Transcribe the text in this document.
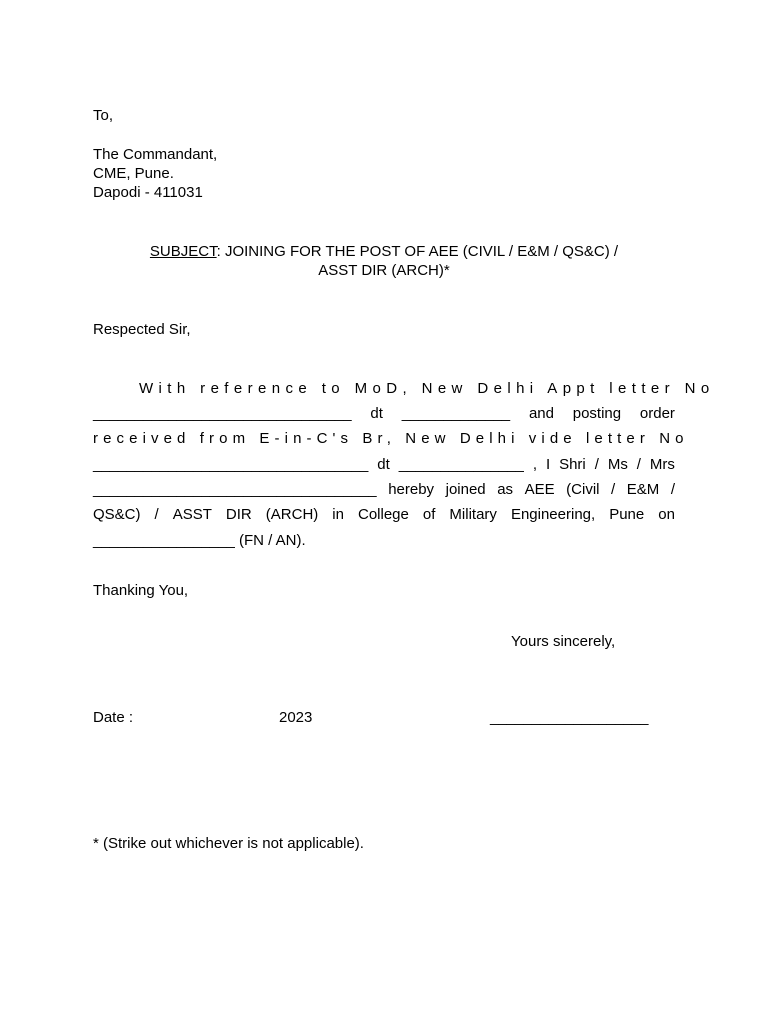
To,
The Commandant,
CME, Pune.
Dapodi - 411031
SUBJECT: JOINING FOR THE POST OF AEE (CIVIL / E&M / QS&C) /
ASST DIR (ARCH)*
Respected Sir,
With reference to MoD, New Delhi Appt letter No
_______________________________ dt _____________ and posting order
received from E-in-C's Br, New Delhi vide letter No
_________________________________ dt _______________ , I Shri / Ms / Mrs
__________________________________ hereby joined as AEE (Civil / E&M /
QS&C) / ASST DIR (ARCH) in College of Military Engineering, Pune on
_________________ (FN / AN).
Thanking You,
Yours sincerely,
Date :	2023	___________________
* (Strike out whichever is not applicable).
